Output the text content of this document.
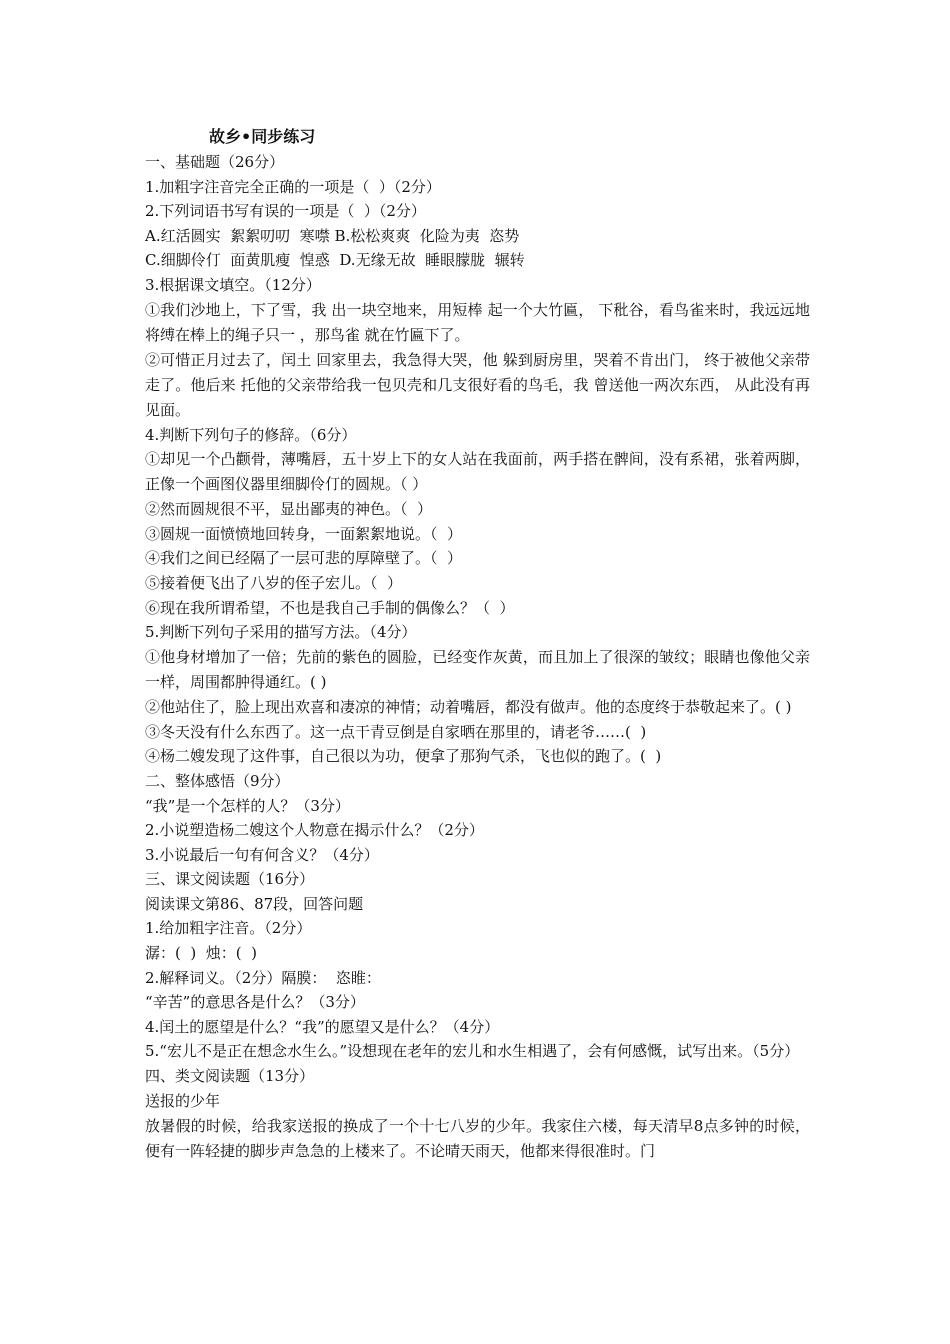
故乡•同步练习
一、基础题（26分）
1.加粗字注音完全正确的一项是（  ）（2分）
2.下列词语书写有误的一项是（  ）（2分）
A.红活圆实  絮絮叨叨  寒噤 B.松松爽爽  化险为夷  恣势
C.细脚伶仃  面黄肌瘦  惶惑  D.无缘无故  睡眼朦胧  辗转
3.根据课文填空。（12分）
①我们沙地上，下了雪，我 出一块空地来，用短棒 起一个大竹匾， 下秕谷，看鸟雀来时，我远远地将缚在棒上的绳子只一 ，那鸟雀 就在竹匾下了。
②可惜正月过去了，闰土 回家里去，我急得大哭，他 躲到厨房里，哭着不肯出门， 终于被他父亲带走了。他后来 托他的父亲带给我一包贝壳和几支很好看的鸟毛，我 曾送他一两次东西， 从此没有再见面。
4.判断下列句子的修辞。（6分）
①却见一个凸颧骨，薄嘴唇，五十岁上下的女人站在我面前，两手搭在髀间，没有系裙，张着两脚，正像一个画图仪器里细脚伶仃的圆规。（ ）
②然而圆规很不平，显出鄙夷的神色。（  ）
③圆规一面愤愤地回转身，一面絮絮地说。（  ）
④我们之间已经隔了一层可悲的厚障壁了。（  ）
⑤接着便飞出了八岁的侄子宏儿。（  ）
⑥现在我所谓希望，不也是我自己手制的偶像么？（  ）
5.判断下列句子采用的描写方法。（4分）
①他身材增加了一倍；先前的紫色的圆脸，已经变作灰黄，而且加上了很深的皱纹；眼睛也像他父亲一样，周围都肿得通红。( )
②他站住了，脸上现出欢喜和凄凉的神情；动着嘴唇，都没有做声。他的态度终于恭敬起来了。( )
③冬天没有什么东西了。这一点干青豆倒是自家晒在那里的，请老爷……(  )
④杨二嫂发现了这件事，自己很以为功，便拿了那狗气杀，飞也似的跑了。(  )
二、整体感悟（9分）
“我”是一个怎样的人？（3分）
2.小说塑造杨二嫂这个人物意在揭示什么？（2分）
3.小说最后一句有何含义？（4分）
三、课文阅读题（16分）
阅读课文第86、87段，回答问题
1.给加粗字注音。（2分）
潺：(  )  烛：(  )
2.解释词义。（2分）隔膜：  恣睢：
“辛苦”的意思各是什么？（3分）
4.闰土的愿望是什么？“我”的愿望又是什么？（4分）
5.“宏儿不是正在想念水生么。”设想现在老年的宏儿和水生相遇了，会有何感慨，试写出来。（5分）
四、类文阅读题（13分）
送报的少年
放暑假的时候，给我家送报的换成了一个十七八岁的少年。我家住六楼，每天清早8点多钟的时候，便有一阵轻捷的脚步声急急的上楼来了。不论晴天雨天，他都来得很准时。门
